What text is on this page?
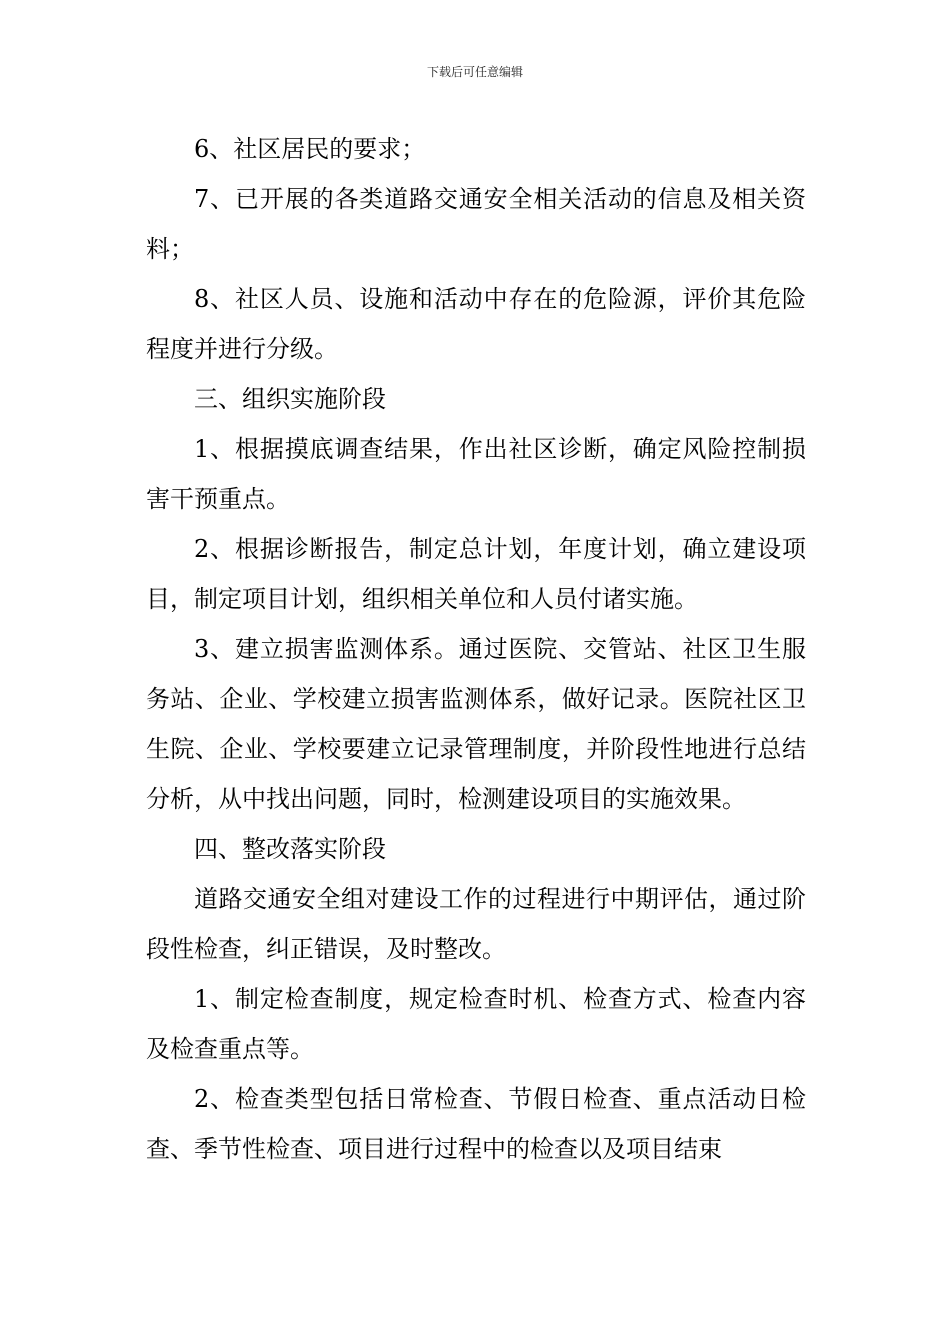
下载后可任意编辑

6、社区居民的要求；

7、已开展的各类道路交通安全相关活动的信息及相关资料；

8、社区人员、设施和活动中存在的危险源，评价其危险程度并进行分级。

三、组织实施阶段

1、根据摸底调查结果，作出社区诊断，确定风险控制损害干预重点。

2、根据诊断报告，制定总计划，年度计划，确立建设项目，制定项目计划，组织相关单位和人员付诸实施。

3、建立损害监测体系。通过医院、交管站、社区卫生服务站、企业、学校建立损害监测体系，做好记录。医院社区卫生院、企业、学校要建立记录管理制度，并阶段性地进行总结分析，从中找出问题，同时，检测建设项目的实施效果。

四、整改落实阶段

道路交通安全组对建设工作的过程进行中期评估，通过阶段性检查，纠正错误，及时整改。

1、制定检查制度，规定检查时机、检查方式、检查内容及检查重点等。

2、检查类型包括日常检查、节假日检查、重点活动日检查、季节性检查、项目进行过程中的检查以及项目结束
